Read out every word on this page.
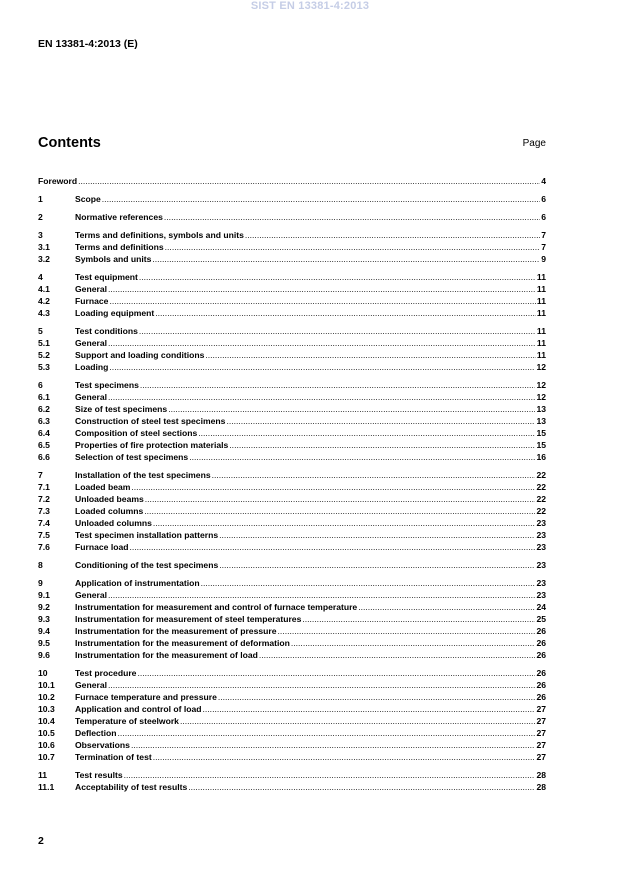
SIST EN 13381-4:2013
EN 13381-4:2013 (E)
Contents	Page
Foreword .....	4
1	Scope .....	6
2	Normative references .....	6
3	Terms and definitions, symbols and units .....	7
3.1	Terms and definitions .....	7
3.2	Symbols and units .....	9
4	Test equipment .....	11
4.1	General .....	11
4.2	Furnace .....	11
4.3	Loading equipment .....	11
5	Test conditions .....	11
5.1	General .....	11
5.2	Support and loading conditions .....	11
5.3	Loading .....	12
6	Test specimens .....	12
6.1	General .....	12
6.2	Size of test specimens .....	13
6.3	Construction of steel test specimens .....	13
6.4	Composition of steel sections .....	15
6.5	Properties of fire protection materials .....	15
6.6	Selection of test specimens .....	16
7	Installation of the test specimens .....	22
7.1	Loaded beam .....	22
7.2	Unloaded beams .....	22
7.3	Loaded columns .....	22
7.4	Unloaded columns .....	23
7.5	Test specimen installation patterns .....	23
7.6	Furnace load .....	23
8	Conditioning of the test specimens .....	23
9	Application of instrumentation .....	23
9.1	General .....	23
9.2	Instrumentation for measurement and control of furnace temperature .....	24
9.3	Instrumentation for measurement of steel temperatures .....	25
9.4	Instrumentation for the measurement of pressure .....	26
9.5	Instrumentation for the measurement of deformation .....	26
9.6	Instrumentation for the measurement of load .....	26
10	Test procedure .....	26
10.1	General .....	26
10.2	Furnace temperature and pressure .....	26
10.3	Application and control of load .....	27
10.4	Temperature of steelwork .....	27
10.5	Deflection .....	27
10.6	Observations .....	27
10.7	Termination of test .....	27
11	Test results .....	28
11.1	Acceptability of test results .....	28
2
